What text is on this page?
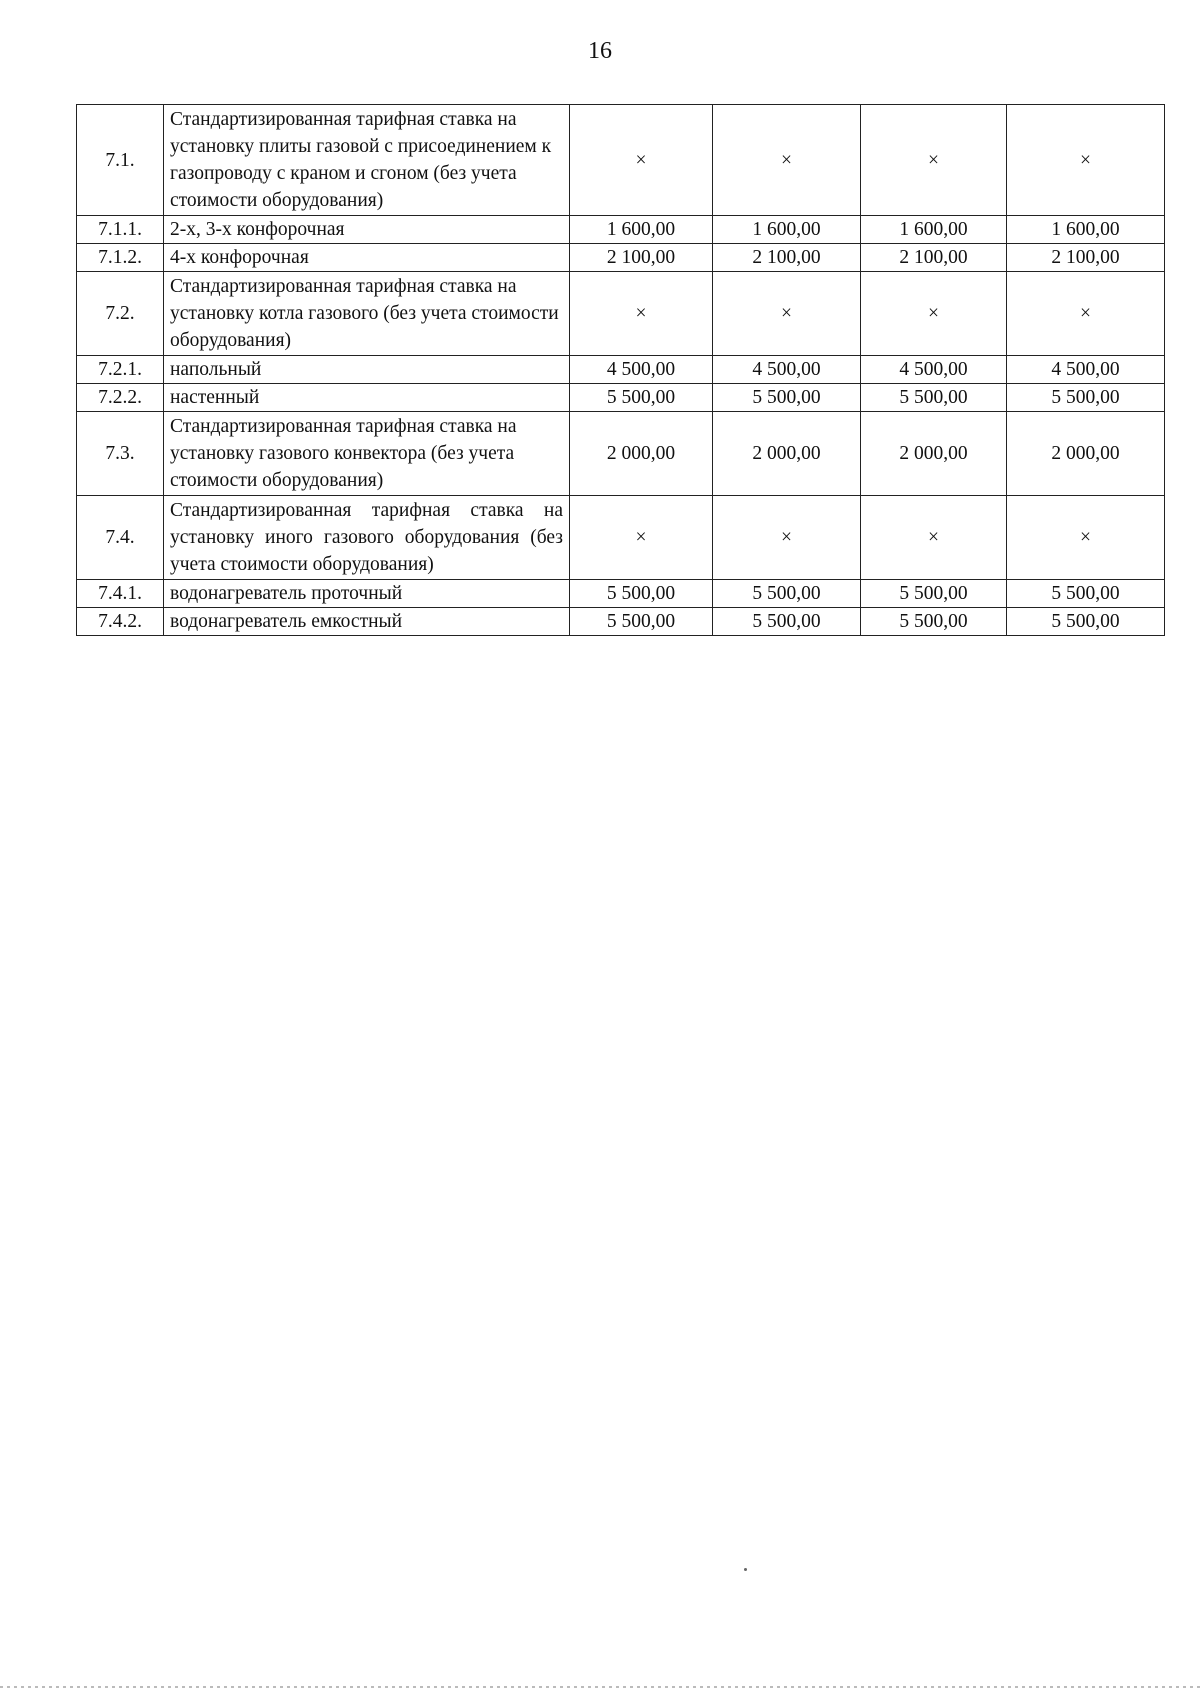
16
7.1.	Стандартизированная тарифная ставка на установку плиты газовой с присоединением к газопроводу с краном и сгоном (без учета стоимости оборудования)	×	×	×	×
7.1.1.	2-х, 3-х конфорочная	1 600,00	1 600,00	1 600,00	1 600,00
7.1.2.	4-х конфорочная	2 100,00	2 100,00	2 100,00	2 100,00
7.2.	Стандартизированная тарифная ставка на установку котла газового (без учета стоимости оборудования)	×	×	×	×
7.2.1.	напольный	4 500,00	4 500,00	4 500,00	4 500,00
7.2.2.	настенный	5 500,00	5 500,00	5 500,00	5 500,00
7.3.	Стандартизированная тарифная ставка на установку газового конвектора (без учета стоимости оборудования)	2 000,00	2 000,00	2 000,00	2 000,00
7.4.	Стандартизированная тарифная ставка на установку иного газового оборудования (без учета стоимости оборудования)	×	×	×	×
7.4.1.	водонагреватель проточный	5 500,00	5 500,00	5 500,00	5 500,00
7.4.2.	водонагреватель емкостный	5 500,00	5 500,00	5 500,00	5 500,00
